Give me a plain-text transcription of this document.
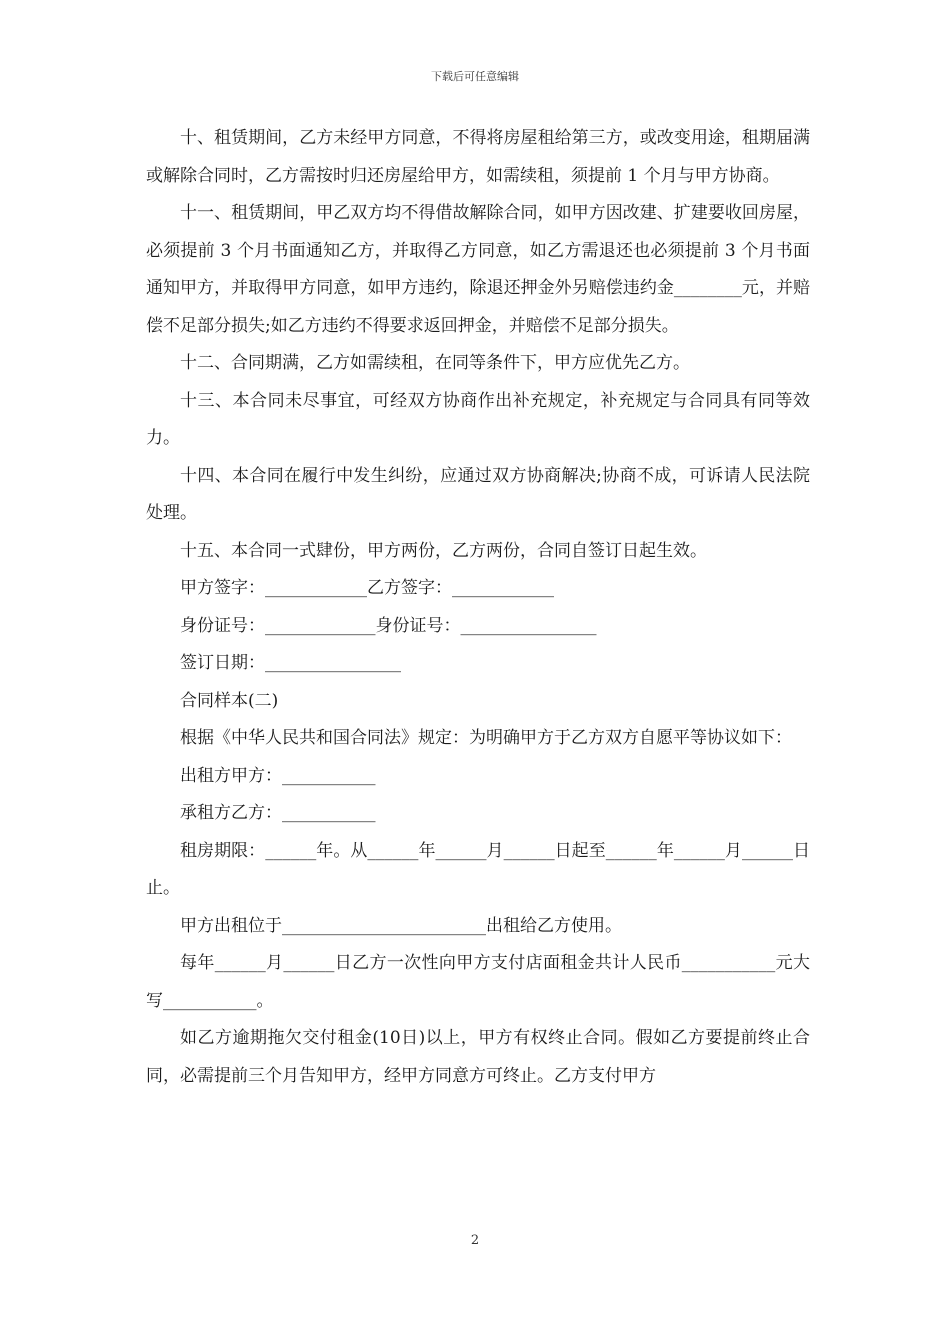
下载后可任意编辑

十、租赁期间，乙方未经甲方同意，不得将房屋租给第三方，或改变用途，租期届满或解除合同时，乙方需按时归还房屋给甲方，如需续租，须提前 1 个月与甲方协商。

十一、租赁期间，甲乙双方均不得借故解除合同，如甲方因改建、扩建要收回房屋，必须提前 3 个月书面通知乙方，并取得乙方同意，如乙方需退还也必须提前 3 个月书面通知甲方，并取得甲方同意，如甲方违约，除退还押金外另赔偿违约金________元，并赔偿不足部分损失;如乙方违约不得要求返回押金，并赔偿不足部分损失。

十二、合同期满，乙方如需续租，在同等条件下，甲方应优先乙方。

十三、本合同未尽事宜，可经双方协商作出补充规定，补充规定与合同具有同等效力。

十四、本合同在履行中发生纠纷，应通过双方协商解决;协商不成，可诉请人民法院处理。

十五、本合同一式肆份，甲方两份，乙方两份，合同自签订日起生效。

甲方签字：____________乙方签字：____________

身份证号：_____________身份证号：________________

签订日期：________________

合同样本(二)

根据《中华人民共和国合同法》规定：为明确甲方于乙方双方自愿平等协议如下：

出租方甲方：___________

承租方乙方：___________

租房期限：______年。从______年______月______日起至______年______月______日止。

甲方出租位于________________________出租给乙方使用。

每年______月______日乙方一次性向甲方支付店面租金共计人民币___________元大写___________。

如乙方逾期拖欠交付租金(10日)以上，甲方有权终止合同。假如乙方要提前终止合同，必需提前三个月告知甲方，经甲方同意方可终止。乙方支付甲方

2
